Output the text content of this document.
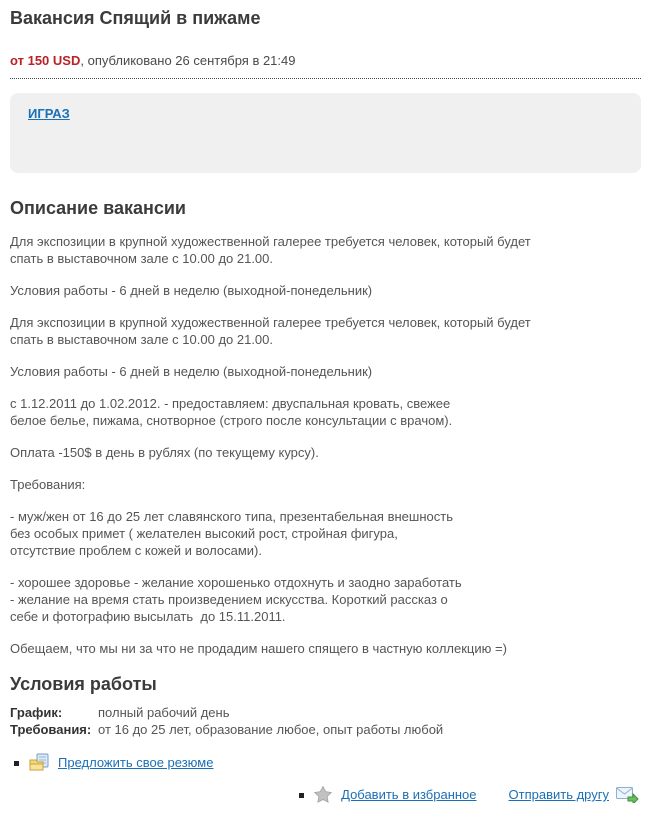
Вакансия Спящий в пижаме
от 150 USD, опубликовано 26 сентября в 21:49
ИГРАЗ
Описание вакансии
Для экспозиции в крупной художественной галерее требуется человек, который будет
спать в выставочном зале с 10.00 до 21.00.
Условия работы - 6 дней в неделю (выходной-понедельник)
Для экспозиции в крупной художественной галерее требуется человек, который будет
спать в выставочном зале с 10.00 до 21.00.
Условия работы - 6 дней в неделю (выходной-понедельник)
с 1.12.2011 до 1.02.2012. - предоставляем: двуспальная кровать, свежее
белое белье, пижама, снотворное (строго после консультации с врачом).
Оплата -150$ в день в рублях (по текущему курсу).
Требования:
- муж/жен от 16 до 25 лет славянского типа, презентабельная внешность
без особых примет ( желателен высокий рост, стройная фигура,
отсутствие проблем с кожей и волосами).
- хорошее здоровье - желание хорошенько отдохнуть и заодно заработать
- желание на время стать произведением искусства. Короткий рассказ о
себе и фотографию высылать  до 15.11.2011.
Обещаем, что мы ни за что не продадим нашего спящего в частную коллекцию =)
Условия работы
График:	полный рабочий день
Требования: от 16 до 25 лет, образование любое, опыт работы любой
Предложить свое резюме
Добавить в избранное Отправить другу
